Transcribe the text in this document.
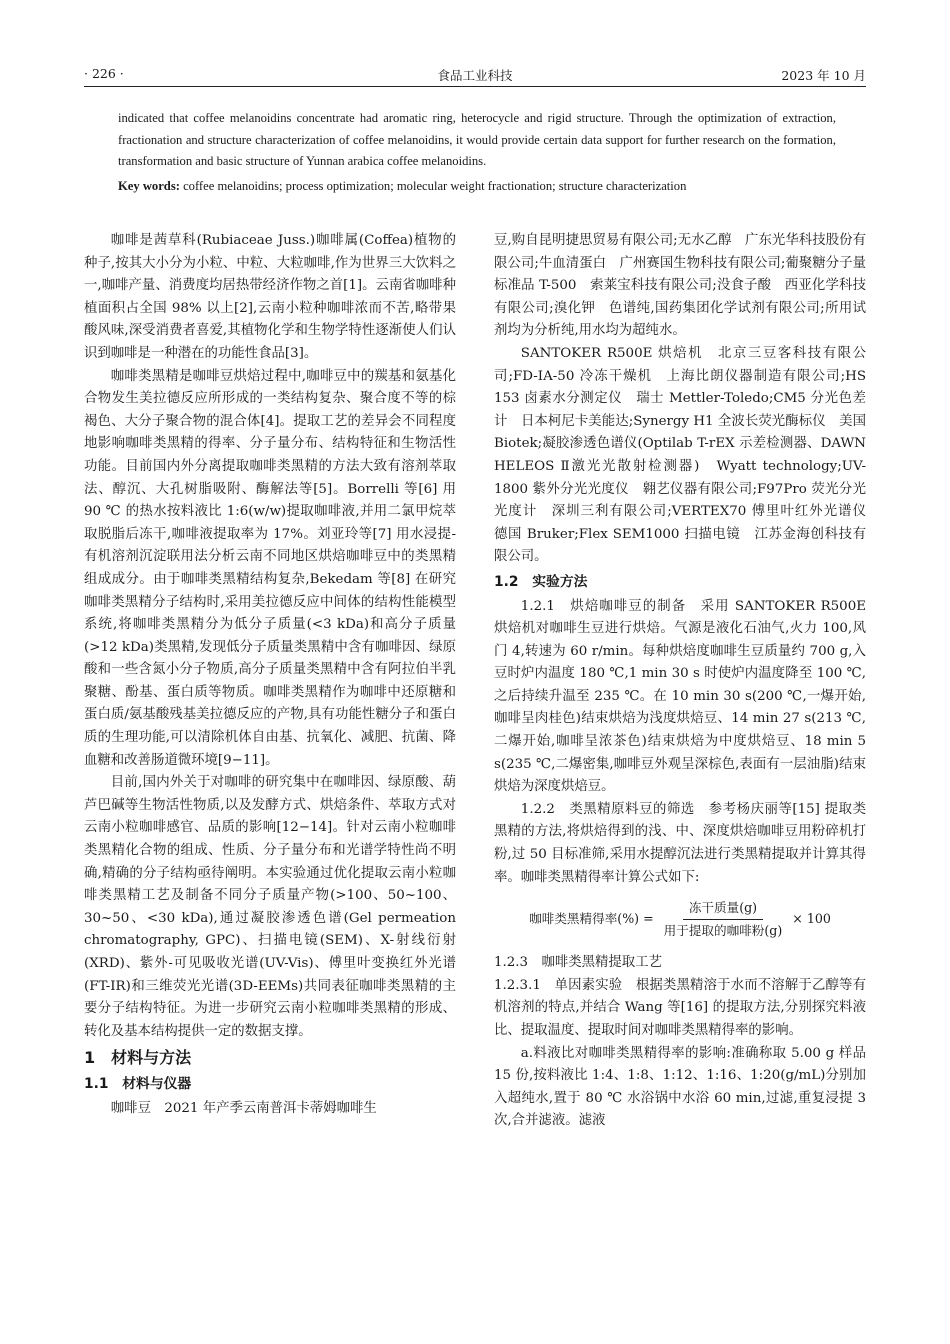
· 226 ·	食品工业科技	2023 年 10 月
indicated that coffee melanoidins concentrate had aromatic ring, heterocycle and rigid structure. Through the optimization of extraction, fractionation and structure characterization of coffee melanoidins, it would provide certain data support for further research on the formation, transformation and basic structure of Yunnan arabica coffee melanoidins.
Key words: coffee melanoidins; process optimization; molecular weight fractionation; structure characterization

咖啡是茜草科(Rubiaceae Juss.)咖啡属(Coffea)植物的种子,按其大小分为小粒、中粒、大粒咖啡,作为世界三大饮料之一,咖啡产量、消费度均居热带经济作物之首[1]。云南省咖啡种植面积占全国 98% 以上[2],云南小粒种咖啡浓而不苦,略带果酸风味,深受消费者喜爱,其植物化学和生物学特性逐渐使人们认识到咖啡是一种潜在的功能性食品[3]。

咖啡类黑精是咖啡豆烘焙过程中,咖啡豆中的羰基和氨基化合物发生美拉德反应所形成的一类结构复杂、聚合度不等的棕褐色、大分子聚合物的混合体[4]。提取工艺的差异会不同程度地影响咖啡类黑精的得率、分子量分布、结构特征和生物活性功能。目前国内外分离提取咖啡类黑精的方法大致有溶剂萃取法、醇沉、大孔树脂吸附、酶解法等[5]。Borrelli 等[6] 用 90 ℃ 的热水按料液比 1:6(w/w)提取咖啡液,并用二氯甲烷萃取脱脂后冻干,咖啡液提取率为 17%。刘亚玲等[7] 用水浸提-有机溶剂沉淀联用法分析云南不同地区烘焙咖啡豆中的类黑精组成成分。由于咖啡类黑精结构复杂,Bekedam 等[8] 在研究咖啡类黑精分子结构时,采用美拉德反应中间体的结构性能模型系统,将咖啡类黑精分为低分子质量(<3 kDa)和高分子质量(>12 kDa)类黑精,发现低分子质量类黑精中含有咖啡因、绿原酸和一些含氮小分子物质,高分子质量类黑精中含有阿拉伯半乳聚糖、酚基、蛋白质等物质。咖啡类黑精作为咖啡中还原糖和蛋白质/氨基酸残基美拉德反应的产物,具有功能性糖分子和蛋白质的生理功能,可以清除机体自由基、抗氧化、减肥、抗菌、降血糖和改善肠道微环境[9−11]。

目前,国内外关于对咖啡的研究集中在咖啡因、绿原酸、葫芦巴碱等生物活性物质,以及发酵方式、烘焙条件、萃取方式对云南小粒咖啡感官、品质的影响[12−14]。针对云南小粒咖啡类黑精化合物的组成、性质、分子量分布和光谱学特性尚不明确,精确的分子结构亟待阐明。本实验通过优化提取云南小粒咖啡类黑精工艺及制备不同分子质量产物(>100、50~100、30~50、<30 kDa),通过凝胶渗透色谱(Gel permeation chromatography, GPC)、扫描电镜(SEM)、X-射线衍射(XRD)、紫外-可见吸收光谱(UV-Vis)、傅里叶变换红外光谱(FT-IR)和三维荧光光谱(3D-EEMs)共同表征咖啡类黑精的主要分子结构特征。为进一步研究云南小粒咖啡类黑精的形成、转化及基本结构提供一定的数据支撑。

1　材料与方法
1.1　材料与仪器

咖啡豆　2021 年产季云南普洱卡蒂姆咖啡生

豆,购自昆明捷思贸易有限公司;无水乙醇　广东光华科技股份有限公司;牛血清蛋白　广州赛国生物科技有限公司;葡聚糖分子量标准品 T-500　索莱宝科技有限公司;没食子酸　西亚化学科技有限公司;溴化钾　色谱纯,国药集团化学试剂有限公司;所用试剂均为分析纯,用水均为超纯水。

SANTOKER R500E 烘焙机　北京三豆客科技有限公司;FD-IA-50 冷冻干燥机　上海比朗仪器制造有限公司;HS 153 卤素水分测定仪　瑞士 Mettler-Toledo;CM5 分光色差计　日本柯尼卡美能达;Synergy H1 全波长荧光酶标仪　美国 Biotek;凝胶渗透色谱仪(Optilab T-rEX 示差检测器、DAWN HELEOS Ⅱ激光光散射检测器)　Wyatt technology;UV-1800 紫外分光光度仪　翱艺仪器有限公司;F97Pro 荧光分光光度计　深圳三利有限公司;VERTEX70 傅里叶红外光谱仪　德国 Bruker;Flex SEM1000 扫描电镜　江苏金海创科技有限公司。

1.2　实验方法

1.2.1　烘焙咖啡豆的制备　采用 SANTOKER R500E 烘焙机对咖啡生豆进行烘焙。气源是液化石油气,火力 100,风门 4,转速为 60 r/min。每种烘焙度咖啡生豆质量约 700 g,入豆时炉内温度 180 ℃,1 min 30 s 时使炉内温度降至 100 ℃,之后持续升温至 235 ℃。在 10 min 30 s(200 ℃,一爆开始,咖啡呈肉桂色)结束烘焙为浅度烘焙豆、14 min 27 s(213 ℃,二爆开始,咖啡呈浓茶色)结束烘焙为中度烘焙豆、18 min 5 s(235 ℃,二爆密集,咖啡豆外观呈深棕色,表面有一层油脂)结束烘焙为深度烘焙豆。

1.2.2　类黑精原料豆的筛选　参考杨庆丽等[15] 提取类黑精的方法,将烘焙得到的浅、中、深度烘焙咖啡豆用粉碎机打粉,过 50 目标准筛,采用水提醇沉法进行类黑精提取并计算其得率。咖啡类黑精得率计算公式如下:

咖啡类黑精得率(%) = $\frac{\text{冻干质量(g)}}{\text{用于提取的咖啡粉(g)}} \times 100$

1.2.3　咖啡类黑精提取工艺

1.2.3.1　单因素实验　根据类黑精溶于水而不溶解于乙醇等有机溶剂的特点,并结合 Wang 等[16] 的提取方法,分别探究料液比、提取温度、提取时间对咖啡类黑精得率的影响。

a.料液比对咖啡类黑精得率的影响:准确称取 5.00 g 样品 15 份,按料液比 1:4、1:8、1:12、1:16、1:20(g/mL)分别加入超纯水,置于 80 ℃ 水浴锅中水浴 60 min,过滤,重复浸提 3 次,合并滤液。滤液
